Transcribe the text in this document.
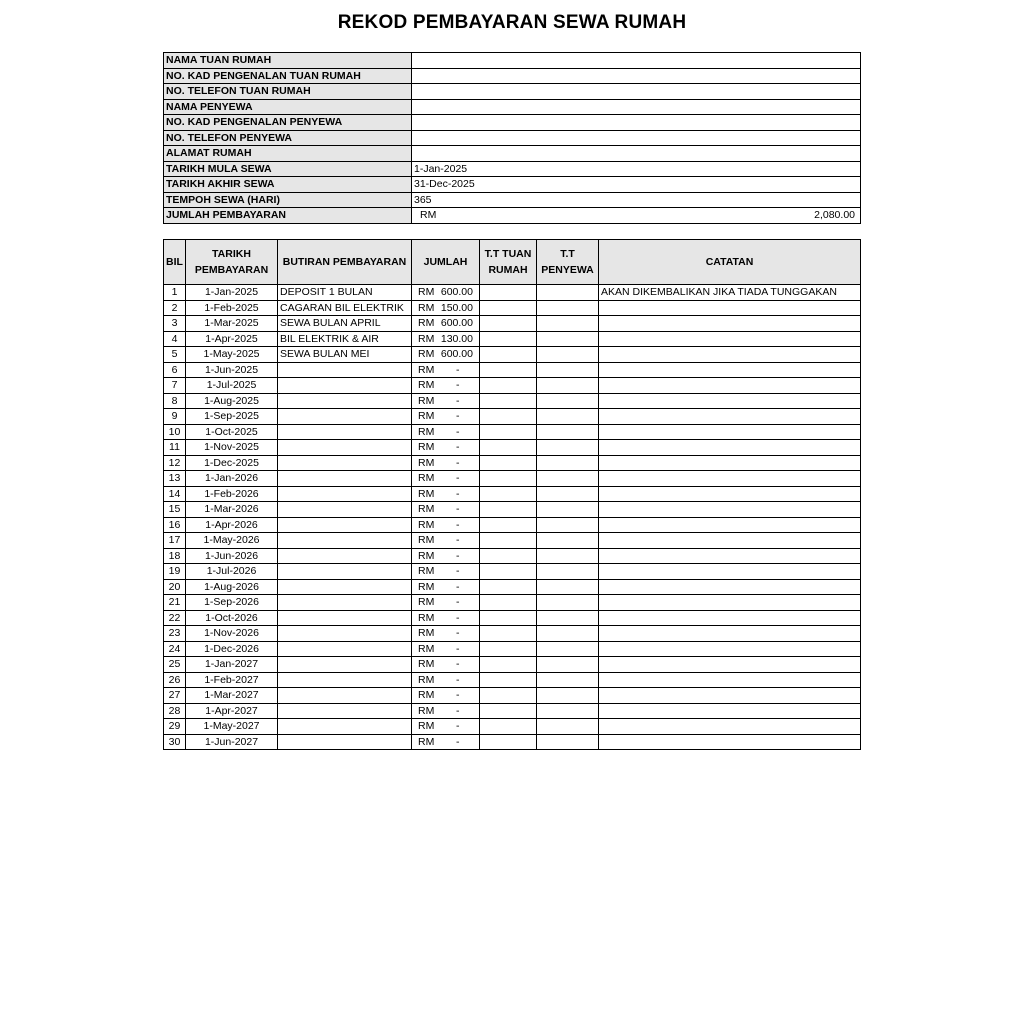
REKOD PEMBAYARAN SEWA RUMAH
NAMA TUAN RUMAH	
NO. KAD PENGENALAN TUAN RUMAH	
NO. TELEFON TUAN RUMAH	
NAMA PENYEWA	
NO. KAD PENGENALAN PENYEWA	
NO. TELEFON PENYEWA	
ALAMAT RUMAH	
TARIKH MULA SEWA	1-Jan-2025
TARIKH AKHIR SEWA	31-Dec-2025
TEMPOH SEWA (HARI)	365
JUMLAH PEMBAYARAN	RM 2,080.00
BIL	TARIKH PEMBAYARAN	BUTIRAN PEMBAYARAN	JUMLAH	T.T TUAN RUMAH	T.T PENYEWA	CATATAN
1	1-Jan-2025	DEPOSIT 1 BULAN	RM 600.00			AKAN DIKEMBALIKAN JIKA TIADA TUNGGAKAN
2	1-Feb-2025	CAGARAN BIL ELEKTRIK	RM 150.00			

3	1-Mar-2025	SEWA BULAN APRIL	RM 600.00			

4	1-Apr-2025	BIL ELEKTRIK & AIR	RM 130.00			

5	1-May-2025	SEWA BULAN MEI	RM 600.00			

6	1-Jun-2025		RM -			

7	1-Jul-2025		RM -			

8	1-Aug-2025		RM -			

9	1-Sep-2025		RM -			

10	1-Oct-2025		RM -			

11	1-Nov-2025		RM -			

12	1-Dec-2025		RM -			

13	1-Jan-2026		RM -			

14	1-Feb-2026		RM -			

15	1-Mar-2026		RM -			

16	1-Apr-2026		RM -			

17	1-May-2026		RM -			

18	1-Jun-2026		RM -			

19	1-Jul-2026		RM -			

20	1-Aug-2026		RM -			

21	1-Sep-2026		RM -			

22	1-Oct-2026		RM -			

23	1-Nov-2026		RM -			

24	1-Dec-2026		RM -			

25	1-Jan-2027		RM -			

26	1-Feb-2027		RM -			

27	1-Mar-2027		RM -			

28	1-Apr-2027		RM -			

29	1-May-2027		RM -			

30	1-Jun-2027		RM -			
